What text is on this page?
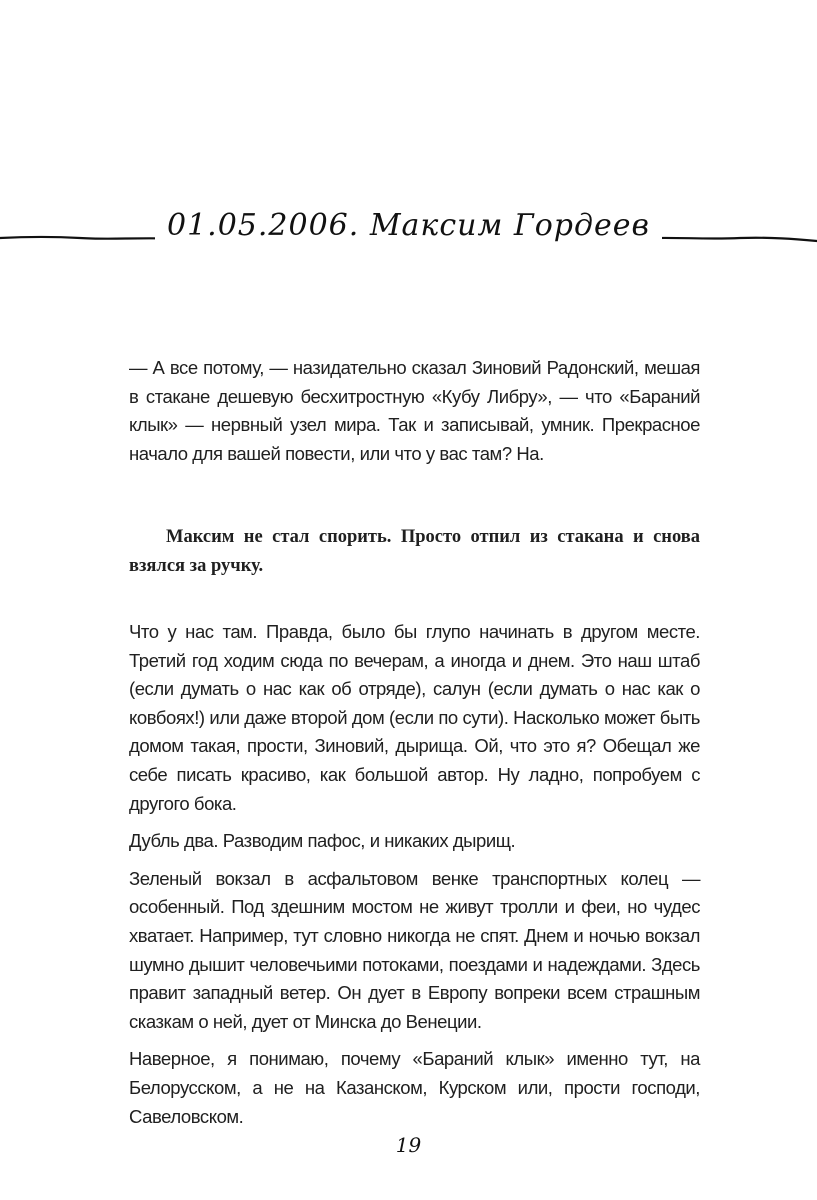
01.05.2006. Максим Гордеев

— А все потому, — назидательно сказал Зиновий Радонский, мешая в стакане дешевую бесхитростную «Кубу Либру», — что «Бараний клык» — нервный узел мира. Так и записывай, умник. Прекрасное начало для вашей повести, или что у вас там? На.

Максим не стал спорить. Просто отпил из стакана и снова взялся за ручку.

Что у нас там. Правда, было бы глупо начинать в другом месте. Третий год ходим сюда по вечерам, а иногда и днем. Это наш штаб (если думать о нас как об отряде), салун (если думать о нас как о ковбоях!) или даже второй дом (если по сути). Насколько может быть домом такая, прости, Зиновий, дырища. Ой, что это я? Обещал же себе писать красиво, как большой автор. Ну ладно, попробуем с другого бока.

Дубль два. Разводим пафос, и никаких дырищ.

Зеленый вокзал в асфальтовом венке транспортных колец — особенный. Под здешним мостом не живут тролли и феи, но чудес хватает. Например, тут словно никогда не спят. Днем и ночью вокзал шумно дышит человечьими потоками, поездами и надеждами. Здесь правит западный ветер. Он дует в Европу вопреки всем страшным сказкам о ней, дует от Минска до Венеции.

Наверное, я понимаю, почему «Бараний клык» именно тут, на Белорусском, а не на Казанском, Курском или, прости господи, Савеловском.

19
